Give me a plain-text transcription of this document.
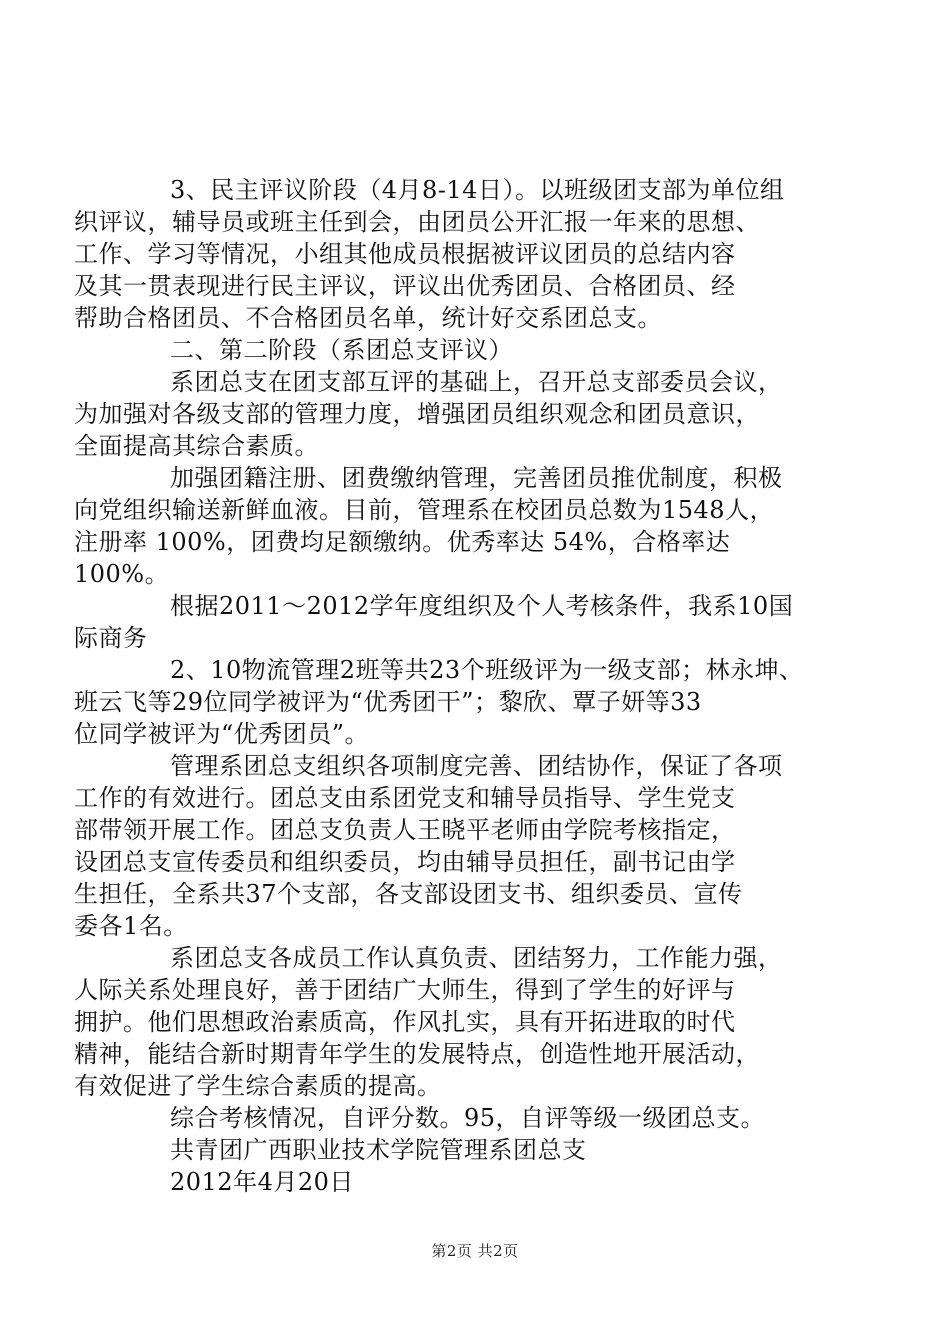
3、民主评议阶段（4月8-14日）。以班级团支部为单位组
织评议，辅导员或班主任到会，由团员公开汇报一年来的思想、
工作、学习等情况，小组其他成员根据被评议团员的总结内容
及其一贯表现进行民主评议，评议出优秀团员、合格团员、经
帮助合格团员、不合格团员名单，统计好交系团总支。

二、第二阶段（系团总支评议）

系团总支在团支部互评的基础上，召开总支部委员会议，
为加强对各级支部的管理力度，增强团员组织观念和团员意识，
全面提高其综合素质。

加强团籍注册、团费缴纳管理，完善团员推优制度，积极
向党组织输送新鲜血液。目前，管理系在校团员总数为1548人，
注册率 100%，团费均足额缴纳。优秀率达 54%，合格率达
100%。

根据2011～2012学年度组织及个人考核条件，我系10国
际商务

2、10物流管理2班等共23个班级评为一级支部；林永坤、
班云飞等29位同学被评为“优秀团干”；黎欣、覃子妍等33
位同学被评为“优秀团员”。

管理系团总支组织各项制度完善、团结协作，保证了各项
工作的有效进行。团总支由系团党支和辅导员指导、学生党支
部带领开展工作。团总支负责人王晓平老师由学院考核指定，
设团总支宣传委员和组织委员，均由辅导员担任，副书记由学
生担任，全系共37个支部，各支部设团支书、组织委员、宣传
委各1名。

系团总支各成员工作认真负责、团结努力，工作能力强，
人际关系处理良好，善于团结广大师生，得到了学生的好评与
拥护。他们思想政治素质高，作风扎实，具有开拓进取的时代
精神，能结合新时期青年学生的发展特点，创造性地开展活动，
有效促进了学生综合素质的提高。

综合考核情况，自评分数。95，自评等级一级团总支。

共青团广西职业技术学院管理系团总支

2012年4月20日

第2页 共2页
